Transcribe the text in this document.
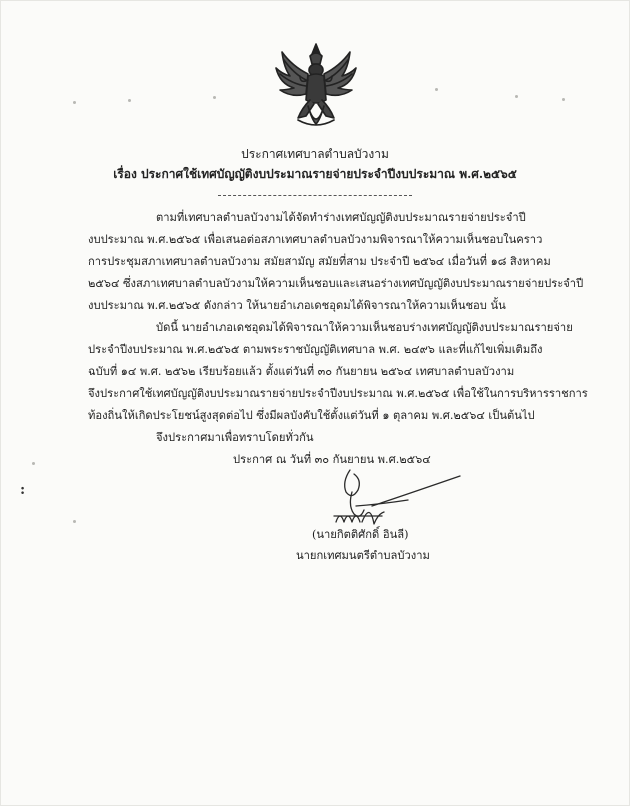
ประกาศเทศบาลตำบลบัวงาม
เรื่อง ประกาศใช้เทศบัญญัติงบประมาณรายจ่ายประจำปีงบประมาณ พ.ศ.๒๕๖๕
ตามที่เทศบาลตำบลบัวงามได้จัดทำร่างเทศบัญญัติงบประมาณรายจ่ายประจำปี
งบประมาณ พ.ศ.๒๕๖๕ เพื่อเสนอต่อสภาเทศบาลตำบลบัวงามพิจารณาให้ความเห็นชอบในคราว
การประชุมสภาเทศบาลตำบลบัวงาม สมัยสามัญ สมัยที่สาม ประจำปี ๒๕๖๔ เมื่อวันที่ ๑๘ สิงหาคม
๒๕๖๔ ซึ่งสภาเทศบาลตำบลบัวงามให้ความเห็นชอบและเสนอร่างเทศบัญญัติงบประมาณรายจ่ายประจำปี
งบประมาณ พ.ศ.๒๕๖๕ ดังกล่าว ให้นายอำเภอเดชอุดมได้พิจารณาให้ความเห็นชอบ นั้น
บัดนี้ นายอำเภอเดชอุดมได้พิจารณาให้ความเห็นชอบร่างเทศบัญญัติงบประมาณรายจ่าย
ประจำปีงบประมาณ พ.ศ.๒๕๖๕ ตามพระราชบัญญัติเทศบาล พ.ศ. ๒๔๙๖ และที่แก้ไขเพิ่มเติมถึง
ฉบับที่ ๑๔ พ.ศ. ๒๕๖๒ เรียบร้อยแล้ว ตั้งแต่วันที่ ๓๐ กันยายน ๒๕๖๔ เทศบาลตำบลบัวงาม
จึงประกาศใช้เทศบัญญัติงบประมาณรายจ่ายประจำปีงบประมาณ พ.ศ.๒๕๖๕ เพื่อใช้ในการบริหารราชการ
ท้องถิ่นให้เกิดประโยชน์สูงสุดต่อไป ซึ่งมีผลบังคับใช้ตั้งแต่วันที่ ๑ ตุลาคม พ.ศ.๒๕๖๔ เป็นต้นไป
จึงประกาศมาเพื่อทราบโดยทั่วกัน
ประกาศ ณ วันที่ ๓๐ กันยายน พ.ศ.๒๕๖๔
(นายกิตติศักดิ์ อินลี)
นายกเทศมนตรีตำบลบัวงาม
:
